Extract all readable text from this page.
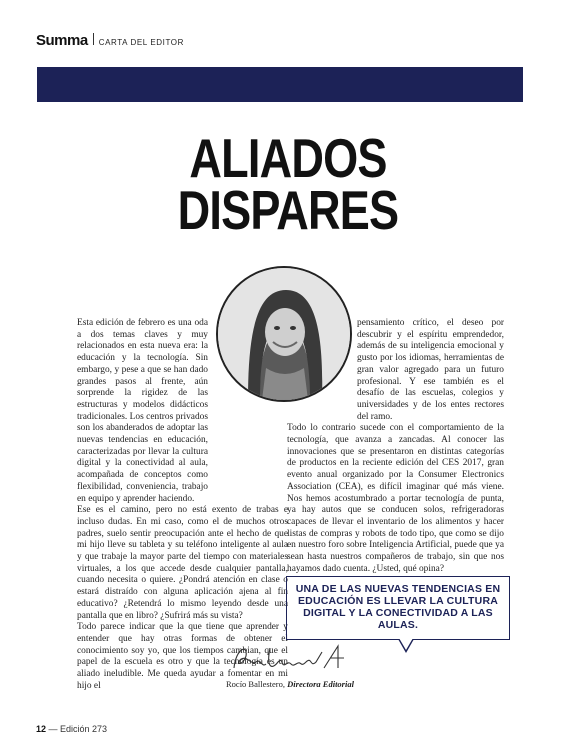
Summa CARTA DEL EDITOR
ALIADOS
DISPARES

Esta edición de febrero es una oda a dos temas claves y muy relacionados en esta nueva era: la educación y la tecnología. Sin embargo, y pese a que se han dado grandes pasos al frente, aún sorprende la rigidez de las estructuras y modelos didácticos tradicionales. Los centros privados son los abanderados de adoptar las nuevas tendencias en educación, caracterizadas por llevar la cultura digital y la conectividad al aula, acompañada de conceptos como flexibilidad, conveniencia, trabajo en equipo y aprender haciendo.

Ese es el camino, pero no está exento de trabas e incluso dudas. En mi caso, como el de muchos otros padres, suelo sentir preocupación ante el hecho de que mi hijo lleve su tableta y su teléfono inteligente al aula y que trabaje la mayor parte del tiempo con materiales virtuales, a los que accede desde cualquier pantalla, cuando necesita o quiere. ¿Pondrá atención en clase o estará distraído con alguna aplicación ajena al fin educativo? ¿Retendrá lo mismo leyendo desde una pantalla que en libro? ¿Sufrirá más su vista?

Todo parece indicar que la que tiene que aprender y entender que hay otras formas de obtener el conocimiento soy yo, que los tiempos cambian, que el papel de la escuela es otro y que la tecnología es un aliado ineludible. Me queda ayudar a fomentar en mi hijo el

pensamiento crítico, el deseo por descubrir y el espíritu emprendedor, además de su inteligencia emocional y gusto por los idiomas, herramientas de gran valor agregado para un futuro profesional. Y ese también es el desafío de las escuelas, colegios y universidades y de los entes rectores del ramo.

Todo lo contrario sucede con el comportamiento de la tecnología, que avanza a zancadas. Al conocer las innovaciones que se presentaron en distintas categorías de productos en la reciente edición del CES 2017, gran evento anual organizado por la Consumer Electronics Association (CEA), es difícil imaginar qué más viene. Nos hemos acostumbrado a portar tecnología de punta, ya hay autos que se conducen solos, refrigeradoras capaces de llevar el inventario de los alimentos y hacer listas de compras y robots de todo tipo, que como se dijo en nuestro foro sobre Inteligencia Artificial, puede que ya sean hasta nuestros compañeros de trabajo, sin que nos hayamos dado cuenta. ¿Usted, qué opina?

UNA DE LAS NUEVAS TENDENCIAS EN EDUCACIÓN ES LLEVAR LA CULTURA DIGITAL Y LA CONECTIVIDAD A LAS AULAS.
Rocío Ballestero, Directora Editorial
12 — Edición 273
